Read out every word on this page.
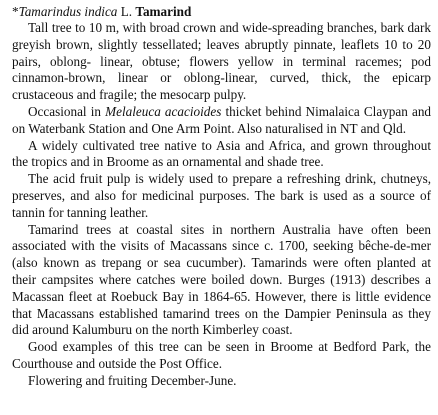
*Tamarindus indica L. Tamarind

Tall tree to 10 m, with broad crown and wide-spreading branches, bark dark greyish brown, slightly tessellated; leaves abruptly pinnate, leaflets 10 to 20 pairs, oblong- linear, obtuse; flowers yellow in terminal racemes; pod cinnamon-brown, linear or oblong-linear, curved, thick, the epicarp crustaceous and fragile; the mesocarp pulpy.

Occasional in Melaleuca acacioides thicket behind Nimalaica Claypan and on Waterbank Station and One Arm Point. Also naturalised in NT and Qld.

A widely cultivated tree native to Asia and Africa, and grown throughout the tropics and in Broome as an ornamental and shade tree.

The acid fruit pulp is widely used to prepare a refreshing drink, chutneys, preserves, and also for medicinal purposes. The bark is used as a source of tannin for tanning leather.

Tamarind trees at coastal sites in northern Australia have often been associated with the visits of Macassans since c. 1700, seeking bêche-de-mer (also known as trepang or sea cucumber). Tamarinds were often planted at their campsites where catches were boiled down. Burges (1913) describes a Macassan fleet at Roebuck Bay in 1864-65. However, there is little evidence that Macassans established tamarind trees on the Dampier Peninsula as they did around Kalumburu on the north Kimberley coast.

Good examples of this tree can be seen in Broome at Bedford Park, the Courthouse and outside the Post Office.

Flowering and fruiting December-June.
